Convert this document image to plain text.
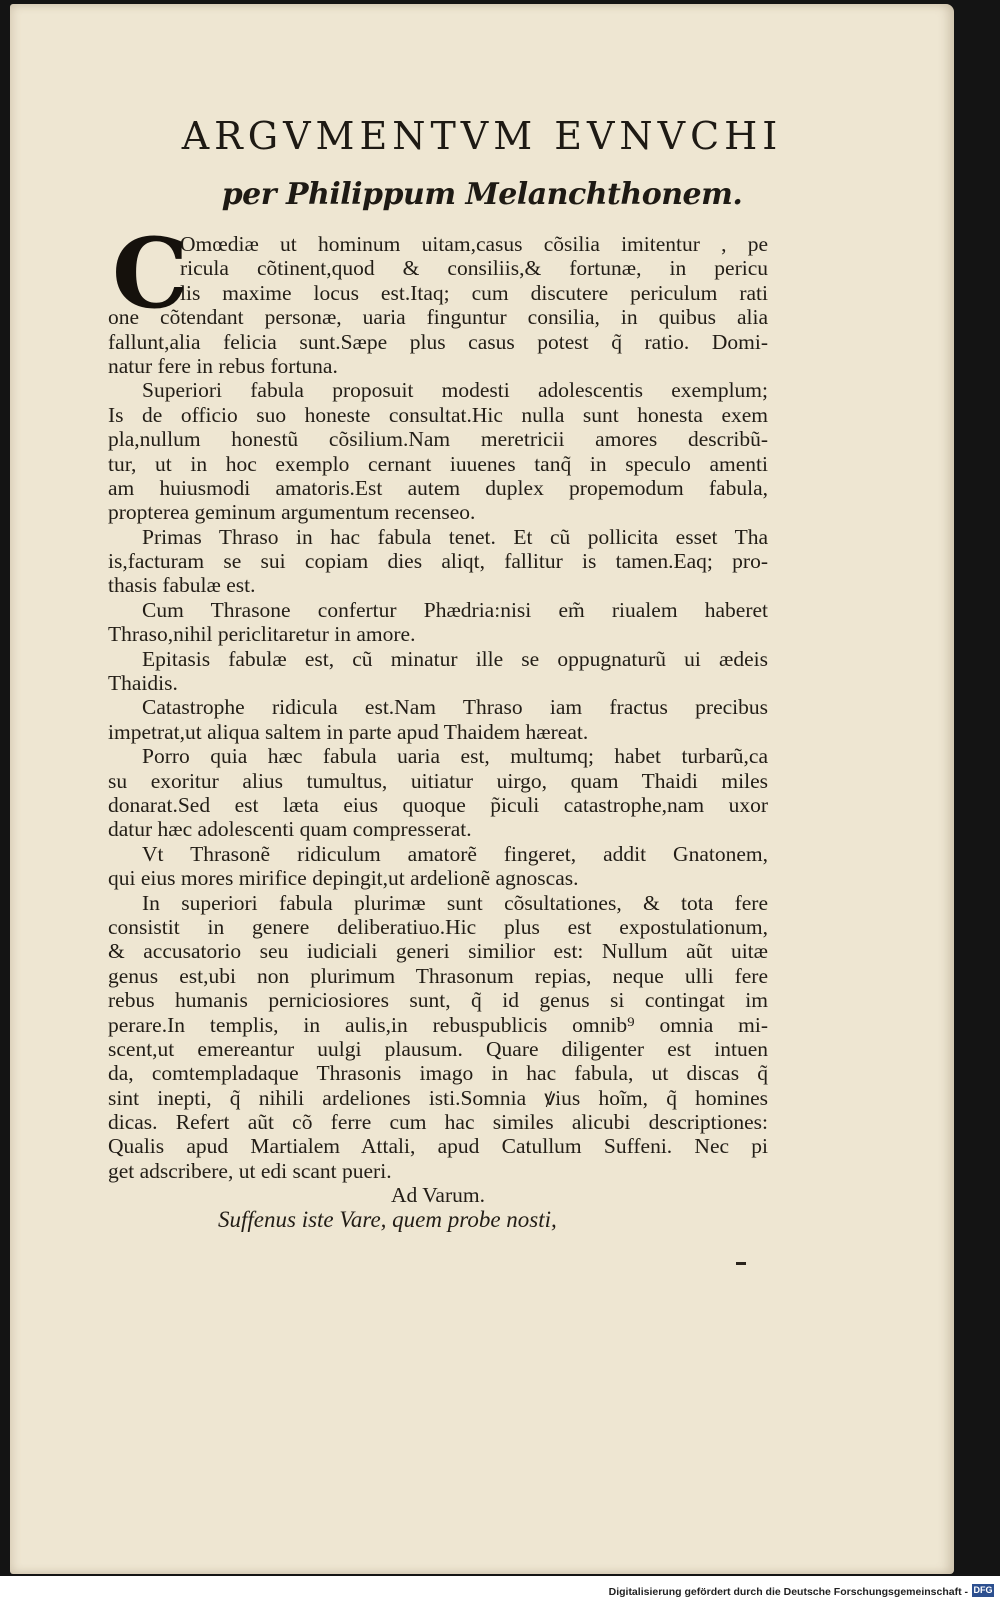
ARGVMENTVM EVNVCHI
per Philippum Melanchthonem.
C
Omœdiæ ut hominum uitam,casus cõsilia imitentur , pe
ricula cõtinent,quod & consiliis,& fortunæ, in pericu
lis maxime locus est.Itaq; cum discutere periculum rati
one cõtendant personæ, uaria finguntur consilia, in quibus alia
fallunt,alia felicia sunt.Sæpe plus casus potest q̃ ratio. Domi-
natur fere in rebus fortuna.
Superiori fabula proposuit modesti adolescentis exemplum;
Is de officio suo honeste consultat.Hic nulla sunt honesta exem
pla,nullum honestũ cõsilium.Nam meretricii amores describũ-
tur, ut in hoc exemplo cernant iuuenes tanq̃ in speculo amenti
am huiusmodi amatoris.Est autem duplex propemodum fabula,
propterea geminum argumentum recenseo.
Primas Thraso in hac fabula tenet. Et cũ pollicita esset Tha
is,facturam se sui copiam dies aliqt, fallitur is tamen.Eaq; pro-
thasis fabulæ est.
Cum Thrasone confertur Phædria:nisi em̃ riualem haberet
Thraso,nihil periclitaretur in amore.
Epitasis fabulæ est, cũ minatur ille se oppugnaturũ ui ædeis
Thaidis.
Catastrophe ridicula est.Nam Thraso iam fractus precibus
impetrat,ut aliqua saltem in parte apud Thaidem hæreat.
Porro quia hæc fabula uaria est, multumq; habet turbarũ,ca
su exoritur alius tumultus, uitiatur uirgo, quam Thaidi miles
donarat.Sed est læta eius quoque p̃iculi catastrophe,nam uxor
datur hæc adolescenti quam compresserat.
Vt Thrasonẽ ridiculum amatorẽ fingeret, addit Gnatonem,
qui eius mores mirifice depingit,ut ardelionẽ agnoscas.
In superiori fabula plurimæ sunt cõsultationes, & tota fere
consistit in genere deliberatiuo.Hic plus est expostulationum,
& accusatorio seu iudiciali generi similior est: Nullum aũt uitæ
genus est,ubi non plurimum Thrasonum repias, neque ulli fere
rebus humanis perniciosiores sunt, q̃ id genus si contingat im
perare.In templis, in aulis,in rebuspublicis omnib⁹ omnia mi-
scent,ut emereantur uulgi plausum. Quare diligenter est intuen
da, comtempladaque Thrasonis imago in hac fabula, ut discas q̃
sint inepti, q̃ nihili ardeliones isti.Somnia ꝟius hoĩm, q̃ homines
dicas. Refert aũt cõ ferre cum hac similes alicubi descriptiones:
Qualis apud Martialem Attali, apud Catullum Suffeni. Nec pi
get adscribere, ut edi scant pueri.
Ad Varum.
Suffenus iste Vare, quem probe nosti,
Digitalisierung gefördert durch die Deutsche Forschungsgemeinschaft - DFG
